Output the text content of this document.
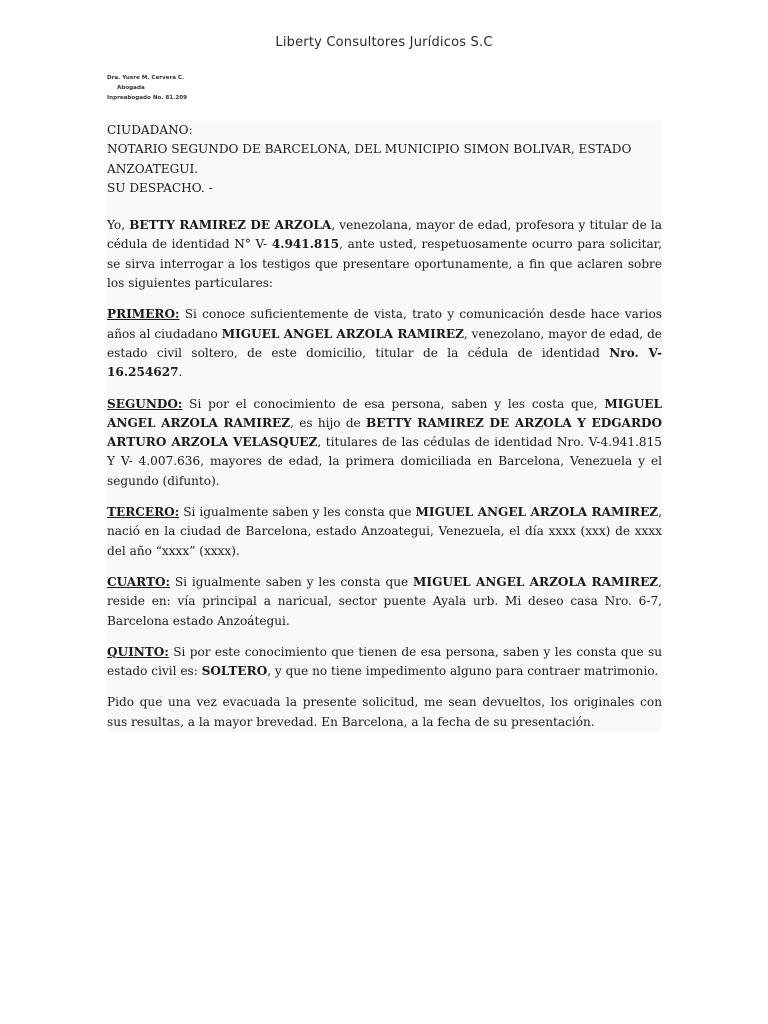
Liberty Consultores Jurídicos S.C
Dra. Yusre M. Cervera C.
Abogada
Inpreabogado No. 81.209
CIUDADANO:
NOTARIO SEGUNDO DE BARCELONA, DEL MUNICIPIO SIMON BOLIVAR, ESTADO
ANZOATEGUI.
SU DESPACHO. -

Yo, BETTY RAMIREZ DE ARZOLA, venezolana, mayor de edad, profesora y titular de la cédula de identidad N° V- 4.941.815, ante usted, respetuosamente ocurro para solicitar, se sirva interrogar a los testigos que presentare oportunamente, a fin que aclaren sobre los siguientes particulares:

PRIMERO: Si conoce suficientemente de vista, trato y comunicación desde hace varios años al ciudadano MIGUEL ANGEL ARZOLA RAMIREZ, venezolano, mayor de edad, de estado civil soltero, de este domicilio, titular de la cédula de identidad Nro. V-16.254627.

SEGUNDO: Si por el conocimiento de esa persona, saben y les costa que, MIGUEL ANGEL ARZOLA RAMIREZ, es hijo de BETTY RAMIREZ DE ARZOLA Y EDGARDO ARTURO ARZOLA VELASQUEZ, titulares de las cédulas de identidad Nro. V-4.941.815 Y V- 4.007.636, mayores de edad, la primera domiciliada en Barcelona, Venezuela y el segundo (difunto).

TERCERO: Si igualmente saben y les consta que MIGUEL ANGEL ARZOLA RAMIREZ, nació en la ciudad de Barcelona, estado Anzoategui, Venezuela, el día xxxx (xxx) de xxxx del año “xxxx” (xxxx).

CUARTO: Si igualmente saben y les consta que MIGUEL ANGEL ARZOLA RAMIREZ, reside en: vía principal a naricual, sector puente Ayala urb. Mi deseo casa Nro. 6-7, Barcelona estado Anzoátegui.

QUINTO: Si por este conocimiento que tienen de esa persona, saben y les consta que su estado civil es: SOLTERO, y que no tiene impedimento alguno para contraer matrimonio.

Pido que una vez evacuada la presente solicitud, me sean devueltos, los originales con sus resultas, a la mayor brevedad. En Barcelona, a la fecha de su presentación.
